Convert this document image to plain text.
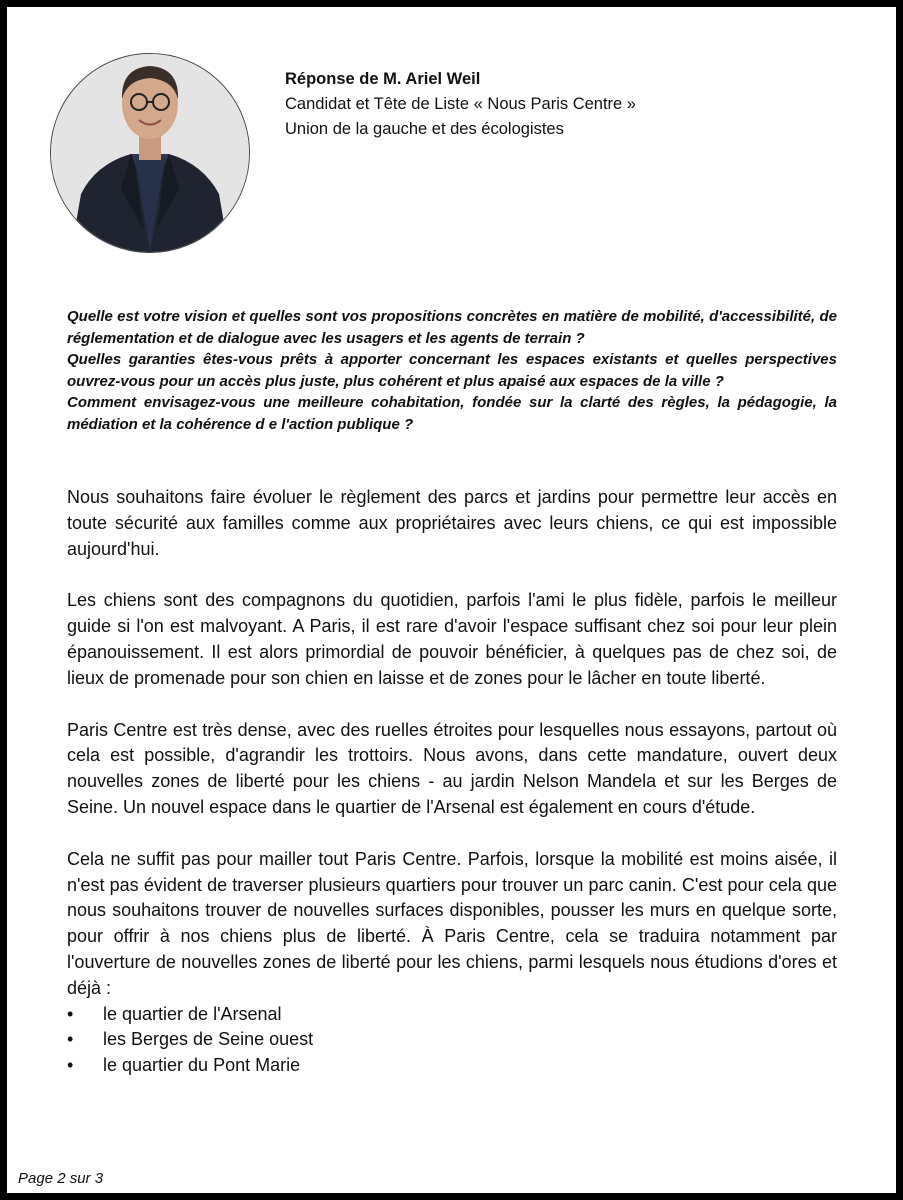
Réponse de M. Ariel Weil
Candidat et Tête de Liste « Nous Paris Centre »
Union de la gauche et des écologistes

Quelle est votre vision et quelles sont vos propositions concrètes en matière de mobilité, d'accessibilité, de réglementation et de dialogue avec les usagers et les agents de terrain ?

Quelles garanties êtes-vous prêts à apporter concernant les espaces existants et quelles perspectives ouvrez-vous pour un accès plus juste, plus cohérent et plus apaisé aux espaces de la ville ?

Comment envisagez-vous une meilleure cohabitation, fondée sur la clarté des règles, la pédagogie, la médiation et la cohérence d e l'action publique ?

Nous souhaitons faire évoluer le règlement des parcs et jardins pour permettre leur accès en toute sécurité aux familles comme aux propriétaires avec leurs chiens, ce qui est impossible aujourd'hui.

Les chiens sont des compagnons du quotidien, parfois l'ami le plus fidèle, parfois le meilleur guide si l'on est malvoyant. A Paris, il est rare d'avoir l'espace suffisant chez soi pour leur plein épanouissement. Il est alors primordial de pouvoir bénéficier, à quelques pas de chez soi, de lieux de promenade pour son chien en laisse et de zones pour le lâcher en toute liberté.

Paris Centre est très dense, avec des ruelles étroites pour lesquelles nous essayons, partout où cela est possible, d'agrandir les trottoirs. Nous avons, dans cette mandature, ouvert deux nouvelles zones de liberté pour les chiens - au jardin Nelson Mandela et sur les Berges de Seine. Un nouvel espace dans le quartier de l'Arsenal est également en cours d'étude.

Cela ne suffit pas pour mailler tout Paris Centre. Parfois, lorsque la mobilité est moins aisée, il n'est pas évident de traverser plusieurs quartiers pour trouver un parc canin. C'est pour cela que nous souhaitons trouver de nouvelles surfaces disponibles, pousser les murs en quelque sorte, pour offrir à nos chiens plus de liberté. À Paris Centre, cela se traduira notamment par l'ouverture de nouvelles zones de liberté pour les chiens, parmi lesquels nous étudions d'ores et déjà :

• le quartier de l'Arsenal
• les Berges de Seine ouest
• le quartier du Pont Marie
Page 2 sur 3
